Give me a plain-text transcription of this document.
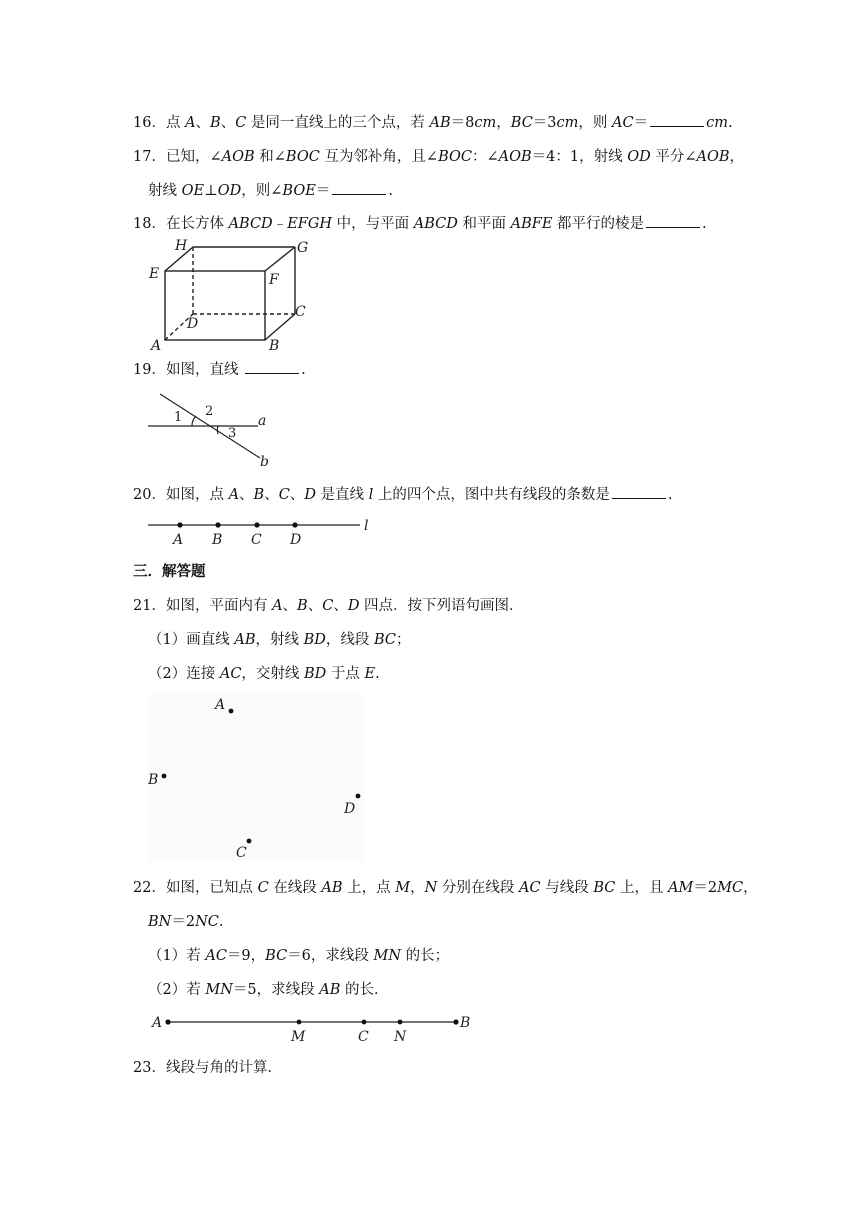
16．点 A、B、C 是同一直线上的三个点，若 AB＝8cm，BC＝3cm，则 AC＝	cm.
17．已知，∠AOB 和∠BOC 互为邻补角，且∠BOC：∠AOB＝4：1，射线 OD 平分∠AOB，
射线 OE⊥OD，则∠BOE＝	.
18．在长方体 ABCD﹣EFGH 中，与平面 ABCD 和平面 ABFE 都平行的棱是	.
H	G
E	F
D
C
A	B
19．如图，直线	.
1 2
3
a
b
20．如图，点 A、B、C、D 是直线 l 上的四个点，图中共有线段的条数是	.
A B C D
l
三．解答题
21．如图，平面内有 A、B、C、D 四点．按下列语句画图．
（1）画直线 AB，射线 BD，线段 BC；
（2）连接 AC，交射线 BD 于点 E.
A
B
D
C
22．如图，已知点 C 在线段 AB 上，点 M，N 分别在线段 AC 与线段 BC 上，且 AM＝2MC，
BN＝2NC.
（1）若 AC＝9，BC＝6，求线段 MN 的长；
（2）若 MN＝5，求线段 AB 的长．
A
M	C N
B
23．线段与角的计算．
